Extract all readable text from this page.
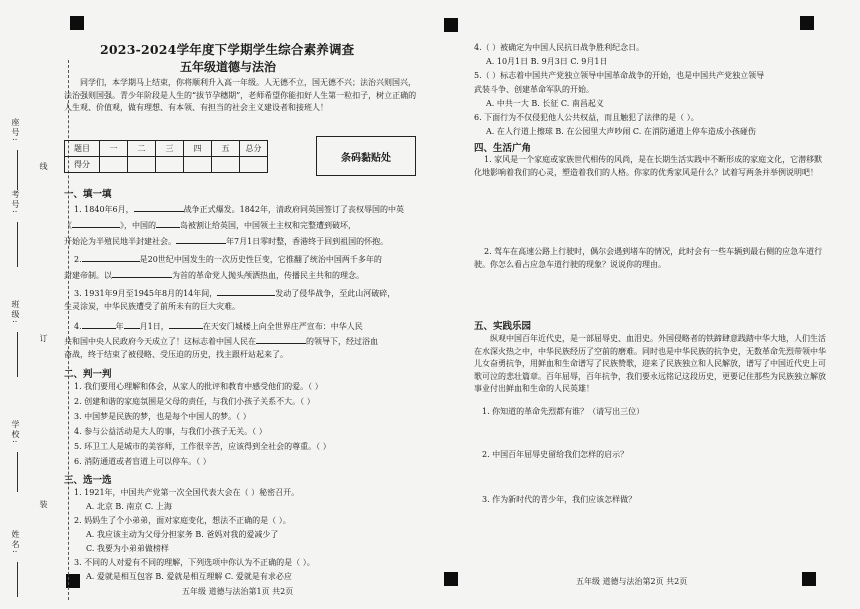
座号:
考号:
班级:
学校:
姓名:
线
订
装
2023-2024学年度下学期学生综合素养调查
五年级道德与法治
同学们，本学期马上结束，你将顺利升入高一年级。人无德不立，国无德不兴；法治兴则国兴，法治强则国强。青少年阶段是人生的“拔节孕穗期”，老师希望你能扣好人生第一粒扣子，树立正确的人生观、价值观，做有理想、有本领、有担当的社会主义建设者和接班人！
题目	一	二	三	四	五	总分
得分						
条码黏贴处
一、填一填
1. 1840年6月，	战争正式爆发。1842年，清政府同英国签订了丧权辱国的中英
《	》，中国的	岛被割让给英国，中国领土主权和完整遭到破坏，
开始沦为半殖民地半封建社会。	年7月1日零时整，香港终于回到祖国的怀抱。
2.	是20世纪中国发生的一次历史性巨变，它推翻了统治中国两千多年的
封建帝制。以	为首的革命党人抛头颅洒热血，传播民主共和的理念。
3. 1931年9月至1945年8月的14年间，	发动了侵华战争，至此山河破碎，
生灵涂炭，中华民族遭受了前所未有的巨大灾难。
4.	年 月1日，	在天安门城楼上向全世界庄严宣布：中华人民
共和国中央人民政府今天成立了！这标志着中国人民在	的领导下，经过浴血
奋战，终于结束了被侵略、受压迫的历史，找主跟杆站起来了。
二、判一判
1. 我们要用心理解和体会，从家人的批评和教育中感受他们的爱。（ ）
2. 创建和谐的家庭氛围是父母的责任，与我们小孩子关系不大。（ ）
3. 中国梦是民族的梦，也是每个中国人的梦。（ ）
4. 参与公益活动是大人的事，与我们小孩子无关。（ ）
5. 环卫工人是城市的美容师，工作很辛苦，应该得到全社会的尊重。（ ）
6. 消防通道或者盲道上可以停车。（ ）
三、选一选
1. 1921年，中国共产党第一次全国代表大会在（ ）秘密召开。
A. 北京 B. 南京 C. 上海
2. 妈妈生了个小弟弟，面对家庭变化，想法不正确的是（ ）。
A. 我应该主动为父母分担家务 B. 爸妈对我的爱减少了
C. 我要为小弟弟做榜样
3. 不同的人对爱有不同的理解，下列选项中你认为不正确的是（ ）。
A. 爱就是相互包容 B. 爱就是相互理解 C. 爱就是有求必应
五年级 道德与法治第1页 共2页
4.（ ）被确定为中国人民抗日战争胜利纪念日。
A. 10月1日 B. 9月3日 C. 9月1日
5.（ ）标志着中国共产党独立领导中国革命战争的开始，也是中国共产党独立领导
武装斗争、创建革命军队的开始。
A. 中共一大 B. 长征 C. 南昌起义
6. 下面行为不仅侵犯他人公共权益，而且触犯了法律的是（ ）。
A. 在人行道上擦球 B. 在公园里大声吵闹 C. 在消防通道上停车造成小孩碰伤
四、生活广角
1. 家风是一个家庭或家族世代相传的风尚，是在长期生活实践中不断形成的家庭文化，它潜移默化地影响着我们的心灵，塑造着我们的人格。你家的优秀家风是什么？试着写两条并举例说明吧！
2. 驾车在高速公路上行驶时，偶尔会遇到堵车的情况，此时会有一些车辆到最右侧的应急车道行驶。你怎么看占应急车道行驶的现象？说说你的理由。
五、实践乐园
纵观中国百年近代史，是一部屈辱史、血泪史。外国侵略者的铁蹄肆意践踏中华大地，人们生活在水深火热之中，中华民族经历了空前的磨难。同时也是中华民族的抗争史，无数革命先烈带领中华儿女奋勇抗争，用鲜血和生命谱写了民族赞歌，迎来了民族独立和人民解放，谱写了中国近代史上可歌可泣的悲壮篇章。百年屈辱，百年抗争，我们要永远铭记这段历史，更要记住那些为民族独立解放事业付出鲜血和生命的人民英雄！
1. 你知道的革命先烈都有谁？（请写出三位）
2. 中国百年屈辱史留给我们怎样的启示？
3. 作为新时代的青少年，我们应该怎样做？
五年级 道德与法治第2页 共2页
